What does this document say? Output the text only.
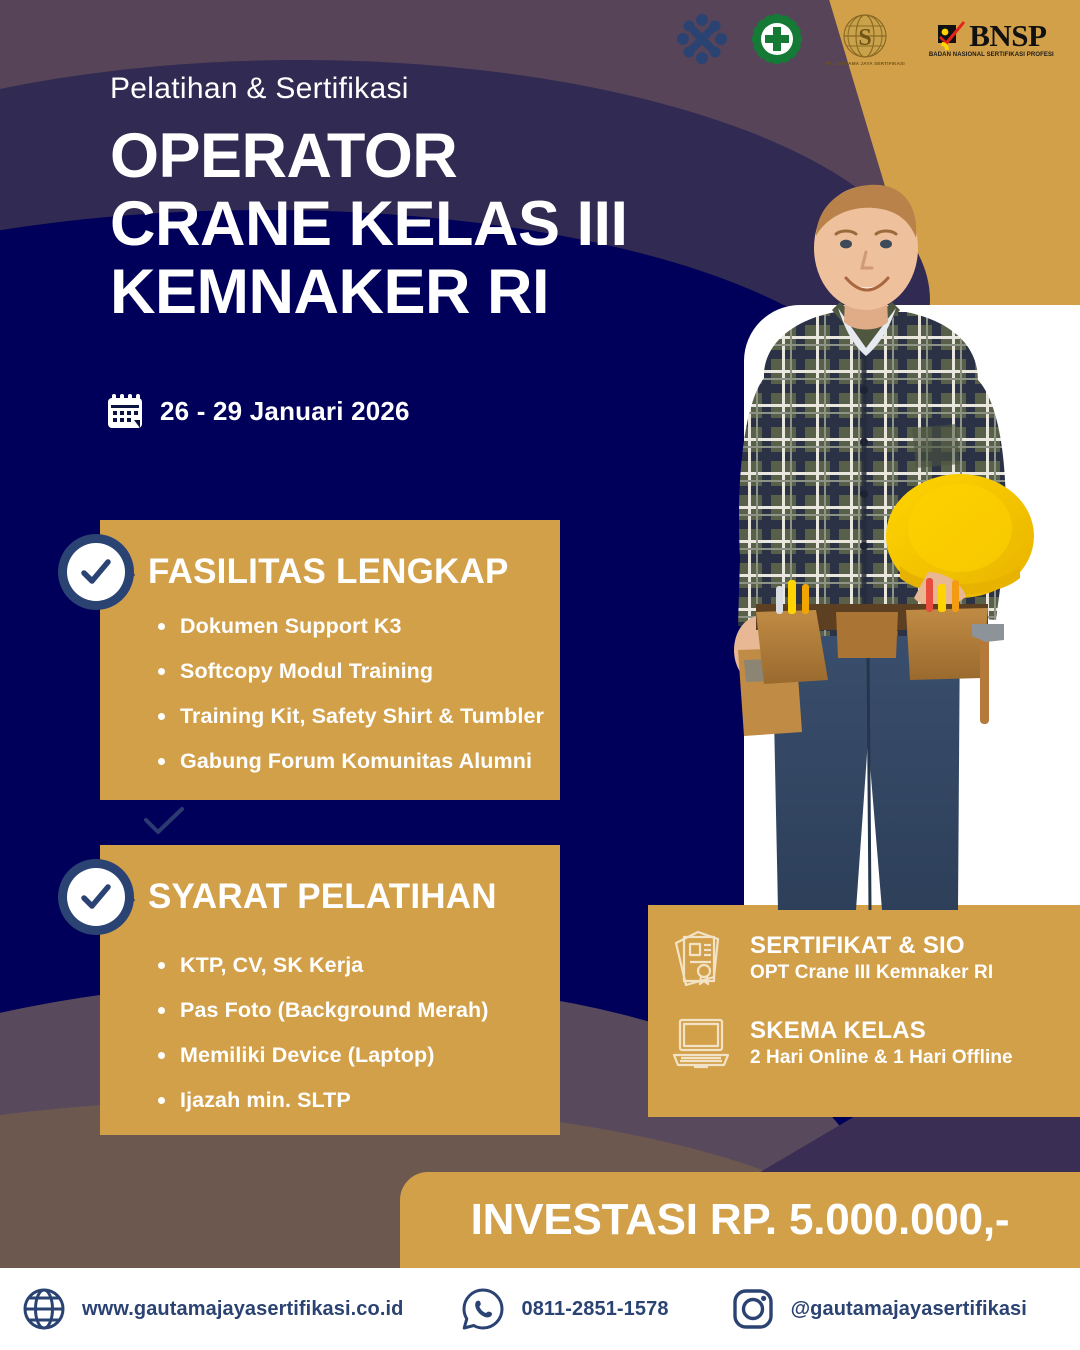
S
PT. GAUTAMA JAYA SERTIFIKASI
BNSP
BADAN NASIONAL SERTIFIKASI PROFESI
Pelatihan & Sertifikasi
OPERATOR
CRANE KELAS III
KEMNAKER RI
26 - 29 Januari 2026
FASILITAS LENGKAP
Dokumen Support K3
Softcopy Modul Training
Training Kit, Safety Shirt & Tumbler
Gabung Forum Komunitas Alumni
SYARAT PELATIHAN
KTP, CV, SK Kerja
Pas Foto (Background Merah)
Memiliki Device (Laptop)
Ijazah min. SLTP
SERTIFIKAT & SIO
OPT Crane III Kemnaker RI
SKEMA KELAS
2 Hari Online & 1 Hari Offline
INVESTASI RP. 5.000.000,-
www.gautamajayasertifikasi.co.id	0811-2851-1578	@gautamajayasertifikasi
